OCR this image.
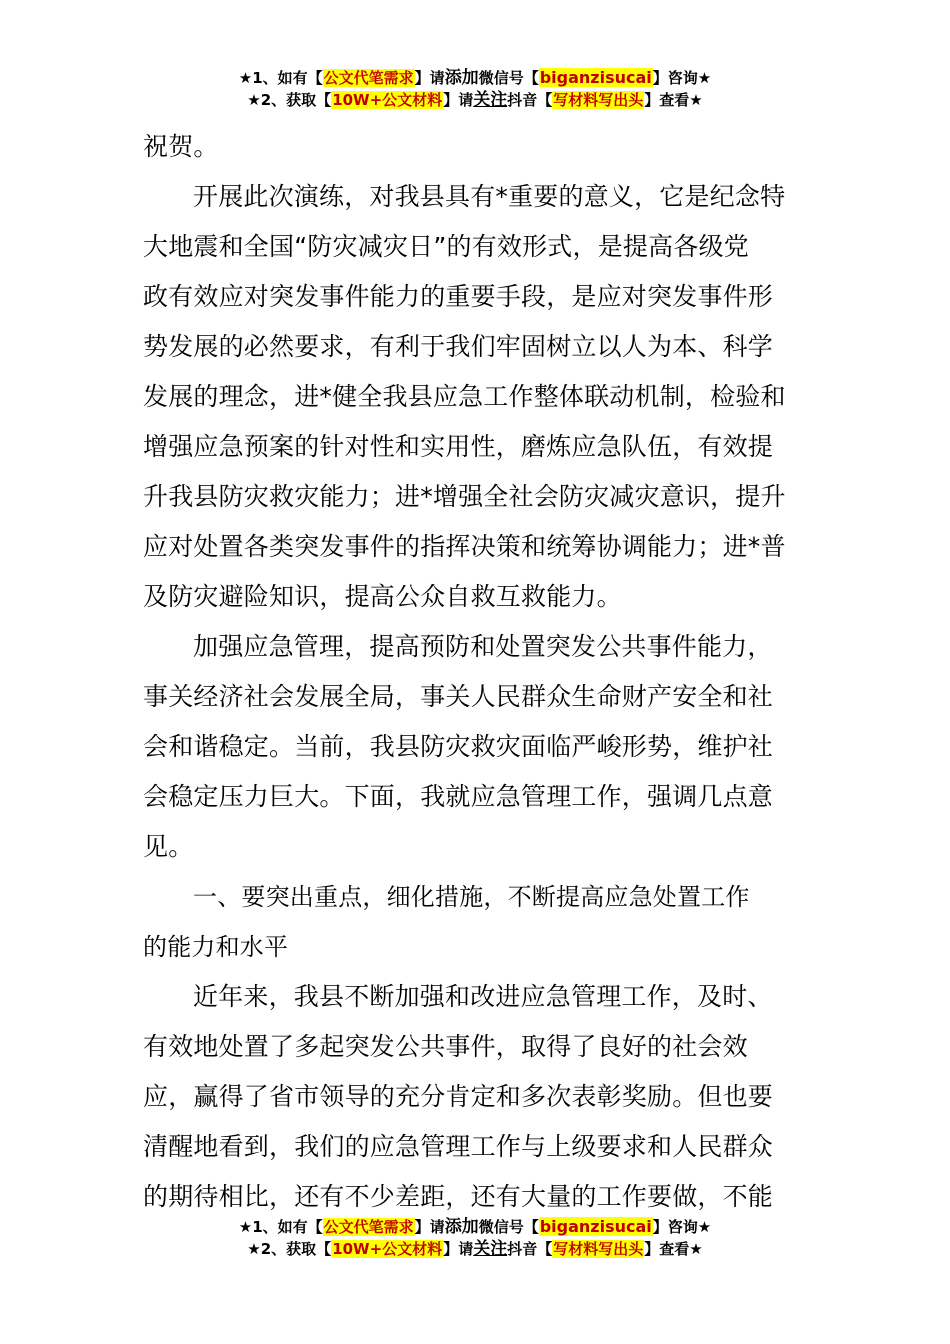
★1、如有【公文代笔需求】请添加微信号【biganzisucai】咨询★
★2、获取【10W+公文材料】请关注抖音【写材料写出头】查看★
祝贺。
开展此次演练，对我县具有*重要的意义，它是纪念特
大地震和全国“防灾减灾日”的有效形式，是提高各级党
政有效应对突发事件能力的重要手段，是应对突发事件形
势发展的必然要求，有利于我们牢固树立以人为本、科学
发展的理念，进*健全我县应急工作整体联动机制，检验和
增强应急预案的针对性和实用性，磨炼应急队伍，有效提
升我县防灾救灾能力；进*增强全社会防灾减灾意识，提升
应对处置各类突发事件的指挥决策和统筹协调能力；进*普
及防灾避险知识，提高公众自救互救能力。
加强应急管理，提高预防和处置突发公共事件能力，
事关经济社会发展全局，事关人民群众生命财产安全和社
会和谐稳定。当前，我县防灾救灾面临严峻形势，维护社
会稳定压力巨大。下面，我就应急管理工作，强调几点意
见。
一、要突出重点，细化措施，不断提高应急处置工作
的能力和水平
近年来，我县不断加强和改进应急管理工作，及时、
有效地处置了多起突发公共事件，取得了良好的社会效
应，赢得了省市领导的充分肯定和多次表彰奖励。但也要
清醒地看到，我们的应急管理工作与上级要求和人民群众
的期待相比，还有不少差距，还有大量的工作要做，不能
★1、如有【公文代笔需求】请添加微信号【biganzisucai】咨询★
★2、获取【10W+公文材料】请关注抖音【写材料写出头】查看★
